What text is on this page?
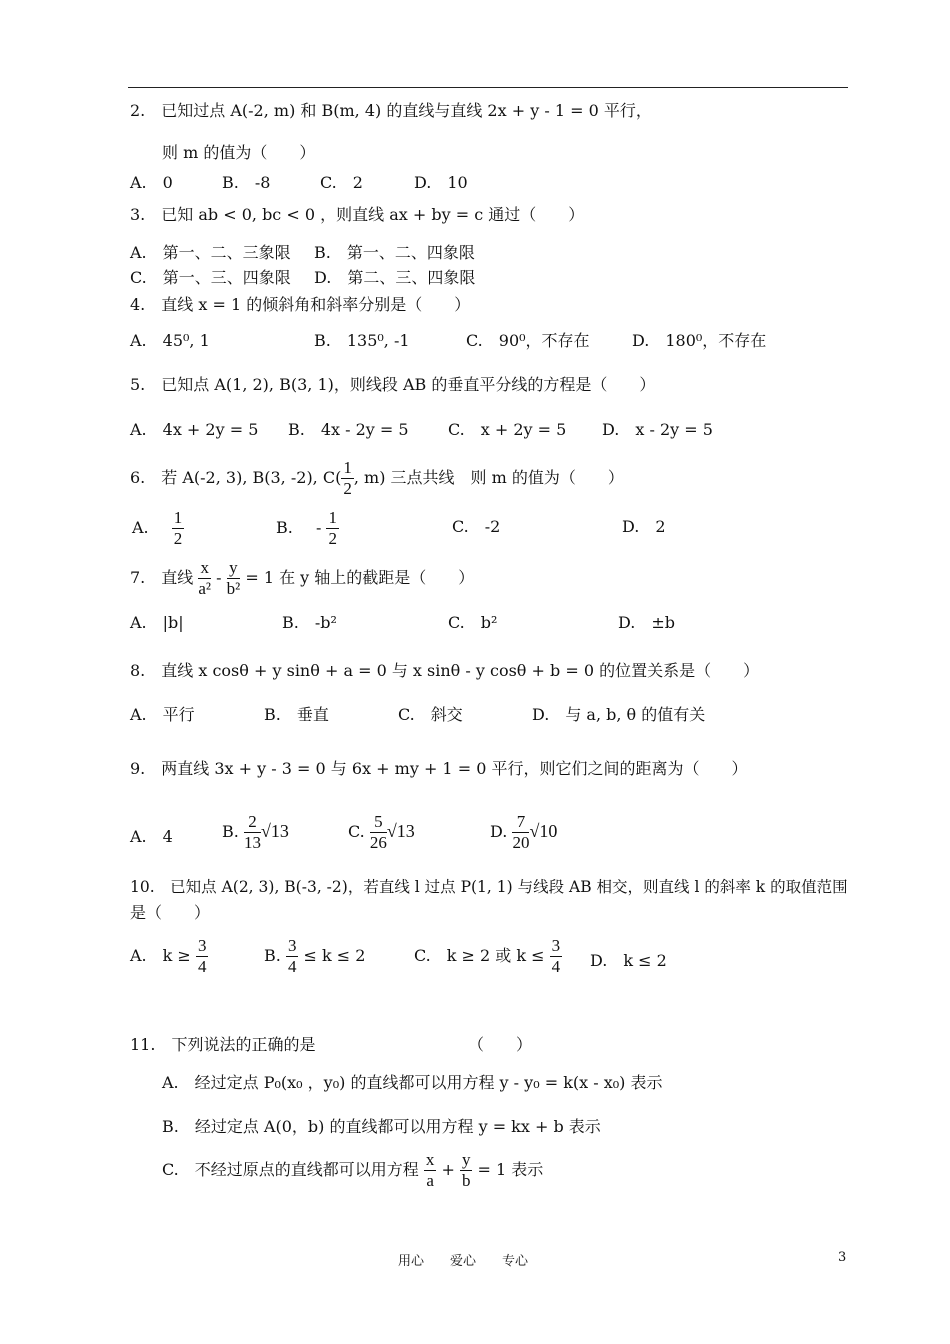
2.　已知过点 A(-2, m) 和 B(m, 4) 的直线与直线 2x + y - 1 = 0 平行，
则 m 的值为（　　）
A.　0	B.　-8	C.　2	D.　10
3.　已知 ab < 0, bc < 0 ，则直线 ax + by = c 通过（　　）
A.　第一、二、三象限 B.　第一、二、四象限
C.　第一、三、四象限 D.　第二、三、四象限
4.　直线 x = 1 的倾斜角和斜率分别是（　　）
A.　45⁰, 1	B.　135⁰, -1	C.　90⁰，不存在	D.　180⁰，不存在
5.　已知点 A(1, 2), B(3, 1)，则线段 AB 的垂直平分线的方程是（　　）
A.　4x + 2y = 5 B.　4x - 2y = 5 C.　x + 2y = 5 D.　x - 2y = 5
6.　若 A(-2, 3), B(3, -2), $C( \frac{1}{2}$ , m) 三点共线　则 m 的值为（　　）
A. $\frac{1}{2}$	B. - $\frac{1}{2}$	C.　-2	D.　2
7.　直线 $\frac{x}{\text{a²}} - \frac{y}{\text{b²}} = 1$ 在 y 轴上的截距是（　　）
A.　|b|	B.　-b²	C.　b²	D.　±b
8.　直线 x cosθ + y sinθ + a = 0 与 x sinθ - y cosθ + b = 0 的位置关系是（　　）
A.　平行	B.　垂直	C.　斜交	D.　与 a, b, θ 的值有关
9.　两直线 3x + y - 3 = 0 与 6x + my + 1 = 0 平行，则它们之间的距离为（　　）
A.　4	B. $\frac{2}{13} √13$	C. $\frac{5}{26} √13$	D. $\frac{7}{20} √10$
10.　已知点 A(2, 3), B(-3, -2)，若直线 l 过点 P(1, 1) 与线段 AB 相交，则直线 l 的斜率 k 的取值范围
是（　　）
A.　$k \ge \frac{3}{4}$	B. $\frac{3}{4} \le k \le 2$	C.　k ≥ 2 或 $k \le \frac{3}{4} D$.　k ≤ 2
11.　下列说法的正确的是	（　　）
A.　经过定点 P₀(x₀ ，y₀) 的直线都可以用方程 y - y₀ = k(x - x₀) 表示
B.　经过定点 A(0，b) 的直线都可以用方程 y = kx + b 表示
C.　不经过原点的直线都可以用方程 $\frac{x}{a} + \frac{y}{b} = 1$ 表示
用心　　爱心　　专心	3
